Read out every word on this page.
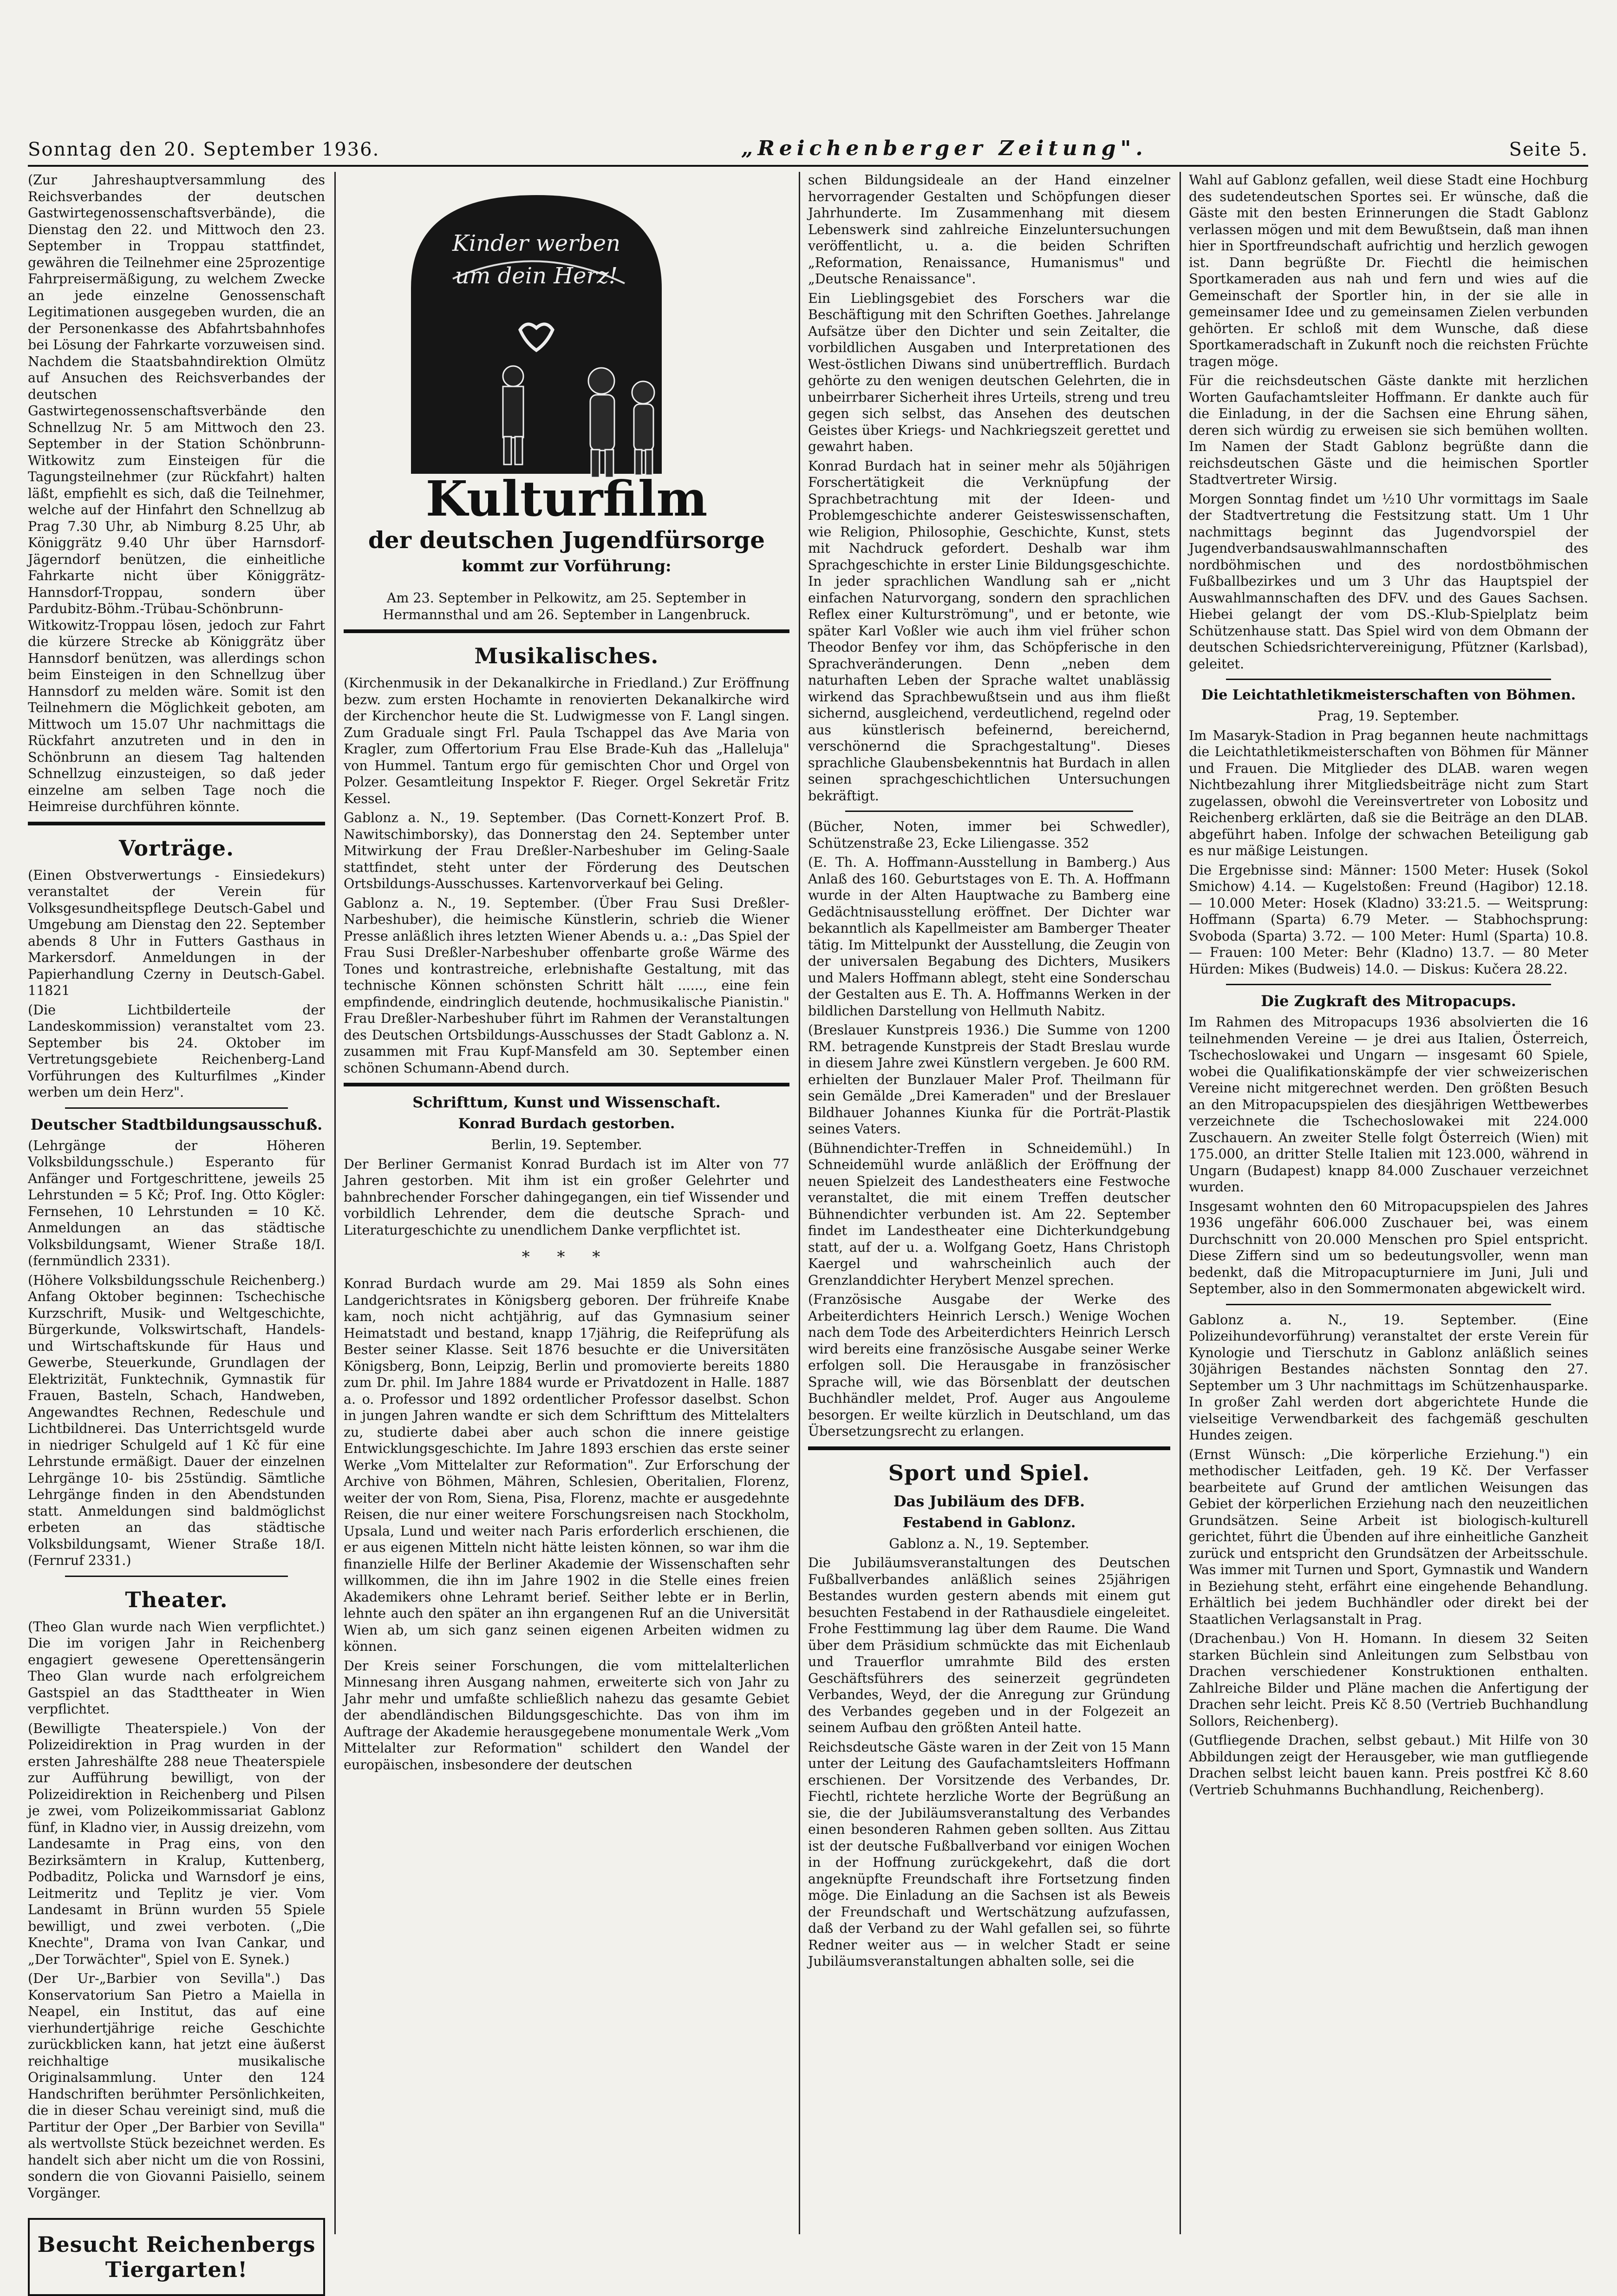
Sonntag den 20. September 1936.	„Reichenberger Zeitung".	Seite 5.

(Zur Jahreshauptversammlung des Reichsverbandes der deutschen Gastwirtegenossenschaftsverbände), die Dienstag den 22. und Mittwoch den 23. September in Troppau stattfindet, gewähren die Teilnehmer eine 25prozentige Fahrpreisermäßigung, zu welchem Zwecke an jede einzelne Genossenschaft Legitimationen ausgegeben wurden, die an der Personenkasse des Abfahrtsbahnhofes bei Lösung der Fahrkarte vorzuweisen sind. Nachdem die Staatsbahndirektion Olmütz auf Ansuchen des Reichsverbandes der deutschen Gastwirtegenossenschaftsverbände den Schnellzug Nr. 5 am Mittwoch den 23. September in der Station Schönbrunn-Witkowitz zum Einsteigen für die Tagungsteilnehmer (zur Rückfahrt) halten läßt, empfiehlt es sich, daß die Teilnehmer, welche auf der Hinfahrt den Schnellzug ab Prag 7.30 Uhr, ab Nimburg 8.25 Uhr, ab Königgrätz 9.40 Uhr über Harnsdorf-Jägerndorf benützen, die einheitliche Fahrkarte nicht über Königgrätz-Hannsdorf-Troppau, sondern über Pardubitz-Böhm.-Trübau-Schönbrunn-Witkowitz-Troppau lösen, jedoch zur Fahrt die kürzere Strecke ab Königgrätz über Hannsdorf benützen, was allerdings schon beim Einsteigen in den Schnellzug über Hannsdorf zu melden wäre. Somit ist den Teilnehmern die Möglichkeit geboten, am Mittwoch um 15.07 Uhr nachmittags die Rückfahrt anzutreten und in den in Schönbrunn an diesem Tag haltenden Schnellzug einzusteigen, so daß jeder einzelne am selben Tage noch die Heimreise durchführen könnte.

Vorträge.

(Einen Obstverwertungs - Einsiedekurs) veranstaltet der Verein für Volksgesundheitspflege Deutsch-Gabel und Umgebung am Dienstag den 22. September abends 8 Uhr in Futters Gasthaus in Markersdorf. Anmeldungen in der Papierhandlung Czerny in Deutsch-Gabel. 11821

(Die Lichtbilderteile der Landeskommission) veranstaltet vom 23. September bis 24. Oktober im Vertretungsgebiete Reichenberg-Land Vorführungen des Kulturfilmes „Kinder werben um dein Herz".

Deutscher Stadtbildungsausschuß.

(Lehrgänge der Höheren Volksbildungsschule.) Esperanto für Anfänger und Fortgeschrittene, jeweils 25 Lehrstunden = 5 Kč; Prof. Ing. Otto Kögler: Fernsehen, 10 Lehrstunden = 10 Kč. Anmeldungen an das städtische Volksbildungsamt, Wiener Straße 18/I. (fernmündlich 2331).

(Höhere Volksbildungsschule Reichenberg.) Anfang Oktober beginnen: Tschechische Kurzschrift, Musik- und Weltgeschichte, Bürgerkunde, Volkswirtschaft, Handels- und Wirtschaftskunde für Haus und Gewerbe, Steuerkunde, Grundlagen der Elektrizität, Funktechnik, Gymnastik für Frauen, Basteln, Schach, Handweben, Angewandtes Rechnen, Redeschule und Lichtbildnerei. Das Unterrichtsgeld wurde in niedriger Schulgeld auf 1 Kč für eine Lehrstunde ermäßigt. Dauer der einzelnen Lehrgänge 10- bis 25stündig. Sämtliche Lehrgänge finden in den Abendstunden statt. Anmeldungen sind baldmöglichst erbeten an das städtische Volksbildungsamt, Wiener Straße 18/I. (Fernruf 2331.)

Theater.

(Theo Glan wurde nach Wien verpflichtet.) Die im vorigen Jahr in Reichenberg engagiert gewesene Operettensängerin Theo Glan wurde nach erfolgreichem Gastspiel an das Stadttheater in Wien verpflichtet.

(Bewilligte Theaterspiele.) Von der Polizeidirektion in Prag wurden in der ersten Jahreshälfte 288 neue Theaterspiele zur Aufführung bewilligt, von der Polizeidirektion in Reichenberg und Pilsen je zwei, vom Polizeikommissariat Gablonz fünf, in Kladno vier, in Aussig dreizehn, vom Landesamte in Prag eins, von den Bezirksämtern in Kralup, Kuttenberg, Podbaditz, Policka und Warnsdorf je eins, Leitmeritz und Teplitz je vier. Vom Landesamt in Brünn wurden 55 Spiele bewilligt, und zwei verboten. („Die Knechte", Drama von Ivan Cankar, und „Der Torwächter", Spiel von E. Synek.)

(Der Ur-„Barbier von Sevilla".) Das Konservatorium San Pietro a Maiella in Neapel, ein Institut, das auf eine vierhundertjährige reiche Geschichte zurückblicken kann, hat jetzt eine äußerst reichhaltige musikalische Originalsammlung. Unter den 124 Handschriften berühmter Persönlichkeiten, die in dieser Schau vereinigt sind, muß die Partitur der Oper „Der Barbier von Sevilla" als wertvollste Stück bezeichnet werden. Es handelt sich aber nicht um die von Rossini, sondern die von Giovanni Paisiello, seinem Vorgänger.

Besucht Reichenbergs Tiergarten!
Kinder werben
um dein Herz!
Kulturfilm
der deutschen Jugendfürsorge
kommt zur Vorführung:

Am 23. September in Pelkowitz, am 25. September in Hermannsthal und am 26. September in Langenbruck.

Musikalisches.

(Kirchenmusik in der Dekanalkirche in Friedland.) Zur Eröffnung bezw. zum ersten Hochamte in renovierten Dekanalkirche wird der Kirchenchor heute die St. Ludwigmesse von F. Langl singen. Zum Graduale singt Frl. Paula Tschappel das Ave Maria von Kragler, zum Offertorium Frau Else Brade-Kuh das „Halleluja" von Hummel. Tantum ergo für gemischten Chor und Orgel von Polzer. Gesamtleitung Inspektor F. Rieger. Orgel Sekretär Fritz Kessel.

Gablonz a. N., 19. September. (Das Cornett-Konzert Prof. B. Nawitschimborsky), das Donnerstag den 24. September unter Mitwirkung der Frau Dreßler-Narbeshuber im Geling-Saale stattfindet, steht unter der Förderung des Deutschen Ortsbildungs-Ausschusses. Kartenvorverkauf bei Geling.

Gablonz a. N., 19. September. (Über Frau Susi Dreßler-Narbeshuber), die heimische Künstlerin, schrieb die Wiener Presse anläßlich ihres letzten Wiener Abends u. a.: „Das Spiel der Frau Susi Dreßler-Narbeshuber offenbarte große Wärme des Tones und kontrastreiche, erlebnishafte Gestaltung, mit das technische Können schönsten Schritt hält ......, eine fein empfindende, eindringlich deutende, hochmusikalische Pianistin." Frau Dreßler-Narbeshuber führt im Rahmen der Veranstaltungen des Deutschen Ortsbildungs-Ausschusses der Stadt Gablonz a. N. zusammen mit Frau Kupf-Mansfeld am 30. September einen schönen Schumann-Abend durch.

Schrifttum, Kunst und Wissenschaft.
Konrad Burdach gestorben.

Berlin, 19. September.

Der Berliner Germanist Konrad Burdach ist im Alter von 77 Jahren gestorben. Mit ihm ist ein großer Gelehrter und bahnbrechender Forscher dahingegangen, ein tief Wissender und vorbildlich Lehrender, dem die deutsche Sprach- und Literaturgeschichte zu unendlichem Danke verpflichtet ist.

* * *

Konrad Burdach wurde am 29. Mai 1859 als Sohn eines Landgerichtsrates in Königsberg geboren. Der frühreife Knabe kam, noch nicht achtjährig, auf das Gymnasium seiner Heimatstadt und bestand, knapp 17jährig, die Reifeprüfung als Bester seiner Klasse. Seit 1876 besuchte er die Universitäten Königsberg, Bonn, Leipzig, Berlin und promovierte bereits 1880 zum Dr. phil. Im Jahre 1884 wurde er Privatdozent in Halle. 1887 a. o. Professor und 1892 ordentlicher Professor daselbst. Schon in jungen Jahren wandte er sich dem Schrifttum des Mittelalters zu, studierte dabei aber auch schon die innere geistige Entwicklungsgeschichte. Im Jahre 1893 erschien das erste seiner Werke „Vom Mittelalter zur Reformation". Zur Erforschung der Archive von Böhmen, Mähren, Schlesien, Oberitalien, Florenz, weiter der von Rom, Siena, Pisa, Florenz, machte er ausgedehnte Reisen, die nur einer weitere Forschungsreisen nach Stockholm, Upsala, Lund und weiter nach Paris erforderlich erschienen, die er aus eigenen Mitteln nicht hätte leisten können, so war ihm die finanzielle Hilfe der Berliner Akademie der Wissenschaften sehr willkommen, die ihn im Jahre 1902 in die Stelle eines freien Akademikers ohne Lehramt berief. Seither lebte er in Berlin, lehnte auch den später an ihn ergangenen Ruf an die Universität Wien ab, um sich ganz seinen eigenen Arbeiten widmen zu können.

Der Kreis seiner Forschungen, die vom mittelalterlichen Minnesang ihren Ausgang nahmen, erweiterte sich von Jahr zu Jahr mehr und umfaßte schließlich nahezu das gesamte Gebiet der abendländischen Bildungsgeschichte. Das von ihm im Auftrage der Akademie herausgegebene monumentale Werk „Vom Mittelalter zur Reformation" schildert den Wandel der europäischen, insbesondere der deutschen

schen Bildungsideale an der Hand einzelner hervorragender Gestalten und Schöpfungen dieser Jahrhunderte. Im Zusammenhang mit diesem Lebenswerk sind zahlreiche Einzeluntersuchungen veröffentlicht, u. a. die beiden Schriften „Reformation, Renaissance, Humanismus" und „Deutsche Renaissance".

Ein Lieblingsgebiet des Forschers war die Beschäftigung mit den Schriften Goethes. Jahrelange Aufsätze über den Dichter und sein Zeitalter, die vorbildlichen Ausgaben und Interpretationen des West-östlichen Diwans sind unübertrefflich. Burdach gehörte zu den wenigen deutschen Gelehrten, die in unbeirrbarer Sicherheit ihres Urteils, streng und treu gegen sich selbst, das Ansehen des deutschen Geistes über Kriegs- und Nachkriegszeit gerettet und gewahrt haben.

Konrad Burdach hat in seiner mehr als 50jährigen Forschertätigkeit die Verknüpfung der Sprachbetrachtung mit der Ideen- und Problemgeschichte anderer Geisteswissenschaften, wie Religion, Philosophie, Geschichte, Kunst, stets mit Nachdruck gefordert. Deshalb war ihm Sprachgeschichte in erster Linie Bildungsgeschichte. In jeder sprachlichen Wandlung sah er „nicht einfachen Naturvorgang, sondern den sprachlichen Reflex einer Kulturströmung", und er betonte, wie später Karl Voßler wie auch ihm viel früher schon Theodor Benfey vor ihm, das Schöpferische in den Sprachveränderungen. Denn „neben dem naturhaften Leben der Sprache waltet unablässig wirkend das Sprachbewußtsein und aus ihm fließt sichernd, ausgleichend, verdeutlichend, regelnd oder aus künstlerisch befeinernd, bereichernd, verschönernd die Sprachgestaltung". Dieses sprachliche Glaubensbekenntnis hat Burdach in allen seinen sprachgeschichtlichen Untersuchungen bekräftigt.

(Bücher, Noten, immer bei Schwedler), Schützenstraße 23, Ecke Liliengasse. 352

(E. Th. A. Hoffmann-Ausstellung in Bamberg.) Aus Anlaß des 160. Geburtstages von E. Th. A. Hoffmann wurde in der Alten Hauptwache zu Bamberg eine Gedächtnisausstellung eröffnet. Der Dichter war bekanntlich als Kapellmeister am Bamberger Theater tätig. Im Mittelpunkt der Ausstellung, die Zeugin von der universalen Begabung des Dichters, Musikers und Malers Hoffmann ablegt, steht eine Sonderschau der Gestalten aus E. Th. A. Hoffmanns Werken in der bildlichen Darstellung von Hellmuth Nabitz.

(Breslauer Kunstpreis 1936.) Die Summe von 1200 RM. betragende Kunstpreis der Stadt Breslau wurde in diesem Jahre zwei Künstlern vergeben. Je 600 RM. erhielten der Bunzlauer Maler Prof. Theilmann für sein Gemälde „Drei Kameraden" und der Breslauer Bildhauer Johannes Kiunka für die Porträt-Plastik seines Vaters.

(Bühnendichter-Treffen in Schneidemühl.) In Schneidemühl wurde anläßlich der Eröffnung der neuen Spielzeit des Landestheaters eine Festwoche veranstaltet, die mit einem Treffen deutscher Bühnendichter verbunden ist. Am 22. September findet im Landestheater eine Dichterkundgebung statt, auf der u. a. Wolfgang Goetz, Hans Christoph Kaergel und wahrscheinlich auch der Grenzlanddichter Herybert Menzel sprechen.

(Französische Ausgabe der Werke des Arbeiterdichters Heinrich Lersch.) Wenige Wochen nach dem Tode des Arbeiterdichters Heinrich Lersch wird bereits eine französische Ausgabe seiner Werke erfolgen soll. Die Herausgabe in französischer Sprache will, wie das Börsenblatt der deutschen Buchhändler meldet, Prof. Auger aus Angouleme besorgen. Er weilte kürzlich in Deutschland, um das Übersetzungsrecht zu erlangen.

Sport und Spiel.
Das Jubiläum des DFB.
Festabend in Gablonz.

Gablonz a. N., 19. September.

Die Jubiläumsveranstaltungen des Deutschen Fußballverbandes anläßlich seines 25jährigen Bestandes wurden gestern abends mit einem gut besuchten Festabend in der Rathausdiele eingeleitet. Frohe Festtimmung lag über dem Raume. Die Wand über dem Präsidium schmückte das mit Eichenlaub und Trauerflor umrahmte Bild des ersten Geschäftsführers des seinerzeit gegründeten Verbandes, Weyd, der die Anregung zur Gründung des Verbandes gegeben und in der Folgezeit an seinem Aufbau den größten Anteil hatte.

Reichsdeutsche Gäste waren in der Zeit von 15 Mann unter der Leitung des Gaufachamtsleiters Hoffmann erschienen. Der Vorsitzende des Verbandes, Dr. Fiechtl, richtete herzliche Worte der Begrüßung an sie, die der Jubiläumsveranstaltung des Verbandes einen besonderen Rahmen geben sollten. Aus Zittau ist der deutsche Fußballverband vor einigen Wochen in der Hoffnung zurückgekehrt, daß die dort angeknüpfte Freundschaft ihre Fortsetzung finden möge. Die Einladung an die Sachsen ist als Beweis der Freundschaft und Wertschätzung aufzufassen, daß der Verband zu der Wahl gefallen sei, so führte Redner weiter aus — in welcher Stadt er seine Jubiläumsveranstaltungen abhalten solle, sei die

Wahl auf Gablonz gefallen, weil diese Stadt eine Hochburg des sudetendeutschen Sportes sei. Er wünsche, daß die Gäste mit den besten Erinnerungen die Stadt Gablonz verlassen mögen und mit dem Bewußtsein, daß man ihnen hier in Sportfreundschaft aufrichtig und herzlich gewogen ist. Dann begrüßte Dr. Fiechtl die heimischen Sportkameraden aus nah und fern und wies auf die Gemeinschaft der Sportler hin, in der sie alle in gemeinsamer Idee und zu gemeinsamen Zielen verbunden gehörten. Er schloß mit dem Wunsche, daß diese Sportkameradschaft in Zukunft noch die reichsten Früchte tragen möge.

Für die reichsdeutschen Gäste dankte mit herzlichen Worten Gaufachamtsleiter Hoffmann. Er dankte auch für die Einladung, in der die Sachsen eine Ehrung sähen, deren sich würdig zu erweisen sie sich bemühen wollten. Im Namen der Stadt Gablonz begrüßte dann die reichsdeutschen Gäste und die heimischen Sportler Stadtvertreter Wirsig.

Morgen Sonntag findet um ½10 Uhr vormittags im Saale der Stadtvertretung die Festsitzung statt. Um 1 Uhr nachmittags beginnt das Jugendvorspiel der Jugendverbandsauswahlmannschaften des nordböhmischen und des nordostböhmischen Fußballbezirkes und um 3 Uhr das Hauptspiel der Auswahlmannschaften des DFV. und des Gaues Sachsen. Hiebei gelangt der vom DS.-Klub-Spielplatz beim Schützenhause statt. Das Spiel wird von dem Obmann der deutschen Schiedsrichtervereinigung, Pfützner (Karlsbad), geleitet.

Die Leichtathletikmeisterschaften von Böhmen.

Prag, 19. September.

Im Masaryk-Stadion in Prag begannen heute nachmittags die Leichtathletikmeisterschaften von Böhmen für Männer und Frauen. Die Mitglieder des DLAB. waren wegen Nichtbezahlung ihrer Mitgliedsbeiträge nicht zum Start zugelassen, obwohl die Vereinsvertreter von Lobositz und Reichenberg erklärten, daß sie die Beiträge an den DLAB. abgeführt haben. Infolge der schwachen Beteiligung gab es nur mäßige Leistungen.

Die Ergebnisse sind: Männer: 1500 Meter: Husek (Sokol Smichow) 4.14. — Kugelstoßen: Freund (Hagibor) 12.18. — 10.000 Meter: Hosek (Kladno) 33:21.5. — Weitsprung: Hoffmann (Sparta) 6.79 Meter. — Stabhochsprung: Svoboda (Sparta) 3.72. — 100 Meter: Huml (Sparta) 10.8. — Frauen: 100 Meter: Behr (Kladno) 13.7. — 80 Meter Hürden: Mikes (Budweis) 14.0. — Diskus: Kučera 28.22.

Die Zugkraft des Mitropacups.

Im Rahmen des Mitropacups 1936 absolvierten die 16 teilnehmenden Vereine — je drei aus Italien, Österreich, Tschechoslowakei und Ungarn — insgesamt 60 Spiele, wobei die Qualifikationskämpfe der vier schweizerischen Vereine nicht mitgerechnet werden. Den größten Besuch an den Mitropacupspielen des diesjährigen Wettbewerbes verzeichnete die Tschechoslowakei mit 224.000 Zuschauern. An zweiter Stelle folgt Österreich (Wien) mit 175.000, an dritter Stelle Italien mit 123.000, während in Ungarn (Budapest) knapp 84.000 Zuschauer verzeichnet wurden.

Insgesamt wohnten den 60 Mitropacupspielen des Jahres 1936 ungefähr 606.000 Zuschauer bei, was einem Durchschnitt von 20.000 Menschen pro Spiel entspricht. Diese Ziffern sind um so bedeutungsvoller, wenn man bedenkt, daß die Mitropacupturniere im Juni, Juli und September, also in den Sommermonaten abgewickelt wird.

Gablonz a. N., 19. September. (Eine Polizeihundevorführung) veranstaltet der erste Verein für Kynologie und Tierschutz in Gablonz anläßlich seines 30jährigen Bestandes nächsten Sonntag den 27. September um 3 Uhr nachmittags im Schützenhausparke. In großer Zahl werden dort abgerichtete Hunde die vielseitige Verwendbarkeit des fachgemäß geschulten Hundes zeigen.

(Ernst Wünsch: „Die körperliche Erziehung.") ein methodischer Leitfaden, geh. 19 Kč. Der Verfasser bearbeitete auf Grund der amtlichen Weisungen das Gebiet der körperlichen Erziehung nach den neuzeitlichen Grundsätzen. Seine Arbeit ist biologisch-kulturell gerichtet, führt die Übenden auf ihre einheitliche Ganzheit zurück und entspricht den Grundsätzen der Arbeitsschule. Was immer mit Turnen und Sport, Gymnastik und Wandern in Beziehung steht, erfährt eine eingehende Behandlung. Erhältlich bei jedem Buchhändler oder direkt bei der Staatlichen Verlagsanstalt in Prag.

(Drachenbau.) Von H. Homann. In diesem 32 Seiten starken Büchlein sind Anleitungen zum Selbstbau von Drachen verschiedener Konstruktionen enthalten. Zahlreiche Bilder und Pläne machen die Anfertigung der Drachen sehr leicht. Preis Kč 8.50 (Vertrieb Buchhandlung Sollors, Reichenberg).

(Gutfliegende Drachen, selbst gebaut.) Mit Hilfe von 30 Abbildungen zeigt der Herausgeber, wie man gutfliegende Drachen selbst leicht bauen kann. Preis postfrei Kč 8.60 (Vertrieb Schuhmanns Buchhandlung, Reichenberg).
